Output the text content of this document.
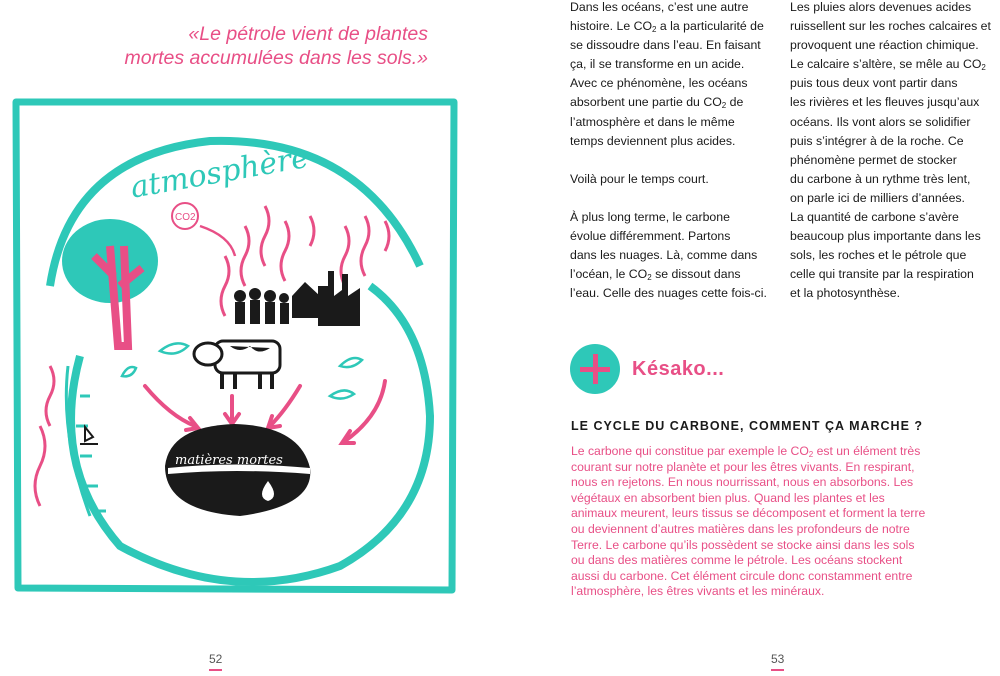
«Le pétrole vient de plantes
mortes accumulées dans les sols.»
atmosphère
CO2
matières mortes
52

Dans les océans, c’est une autre
histoire. Le $CO_2$ a la particularité de
se dissoudre dans l’eau. En faisant
ça, il se transforme en un acide.
Avec ce phénomène, les océans
absorbent une partie du $CO_2$ de
l’atmosphère et dans le même
temps deviennent plus acides.

Voilà pour le temps court.

À plus long terme, le carbone
évolue différemment. Partons
dans les nuages. Là, comme dans
l’océan, le $CO_2$ se dissout dans
l’eau. Celle des nuages cette fois-ci.

Les pluies alors devenues acides
ruissellent sur les roches calcaires et
provoquent une réaction chimique.
Le calcaire s’altère, se mêle au $CO_2$
puis tous deux vont partir dans
les rivières et les fleuves jusqu’aux
océans. Ils vont alors se solidifier
puis s’intégrer à de la roche. Ce
phénomène permet de stocker
du carbone à un rythme très lent,
on parle ici de milliers d’années.
La quantité de carbone s’avère
beaucoup plus importante dans les
sols, les roches et le pétrole que
celle qui transite par la respiration
et la photosynthèse.

Késako...
LE CYCLE DU CARBONE, COMMENT ÇA MARCHE ?
Le carbone qui constitue par exemple le $CO_2$ est un élément très
courant sur notre planète et pour les êtres vivants. En respirant,
nous en rejetons. En nous nourrissant, nous en absorbons. Les
végétaux en absorbent bien plus. Quand les plantes et les
animaux meurent, leurs tissus se décomposent et forment la terre
ou deviennent d’autres matières dans les profondeurs de notre
Terre. Le carbone qu’ils possèdent se stocke ainsi dans les sols
ou dans des matières comme le pétrole. Les océans stockent
aussi du carbone. Cet élément circule donc constamment entre
l’atmosphère, les êtres vivants et les minéraux.
53
